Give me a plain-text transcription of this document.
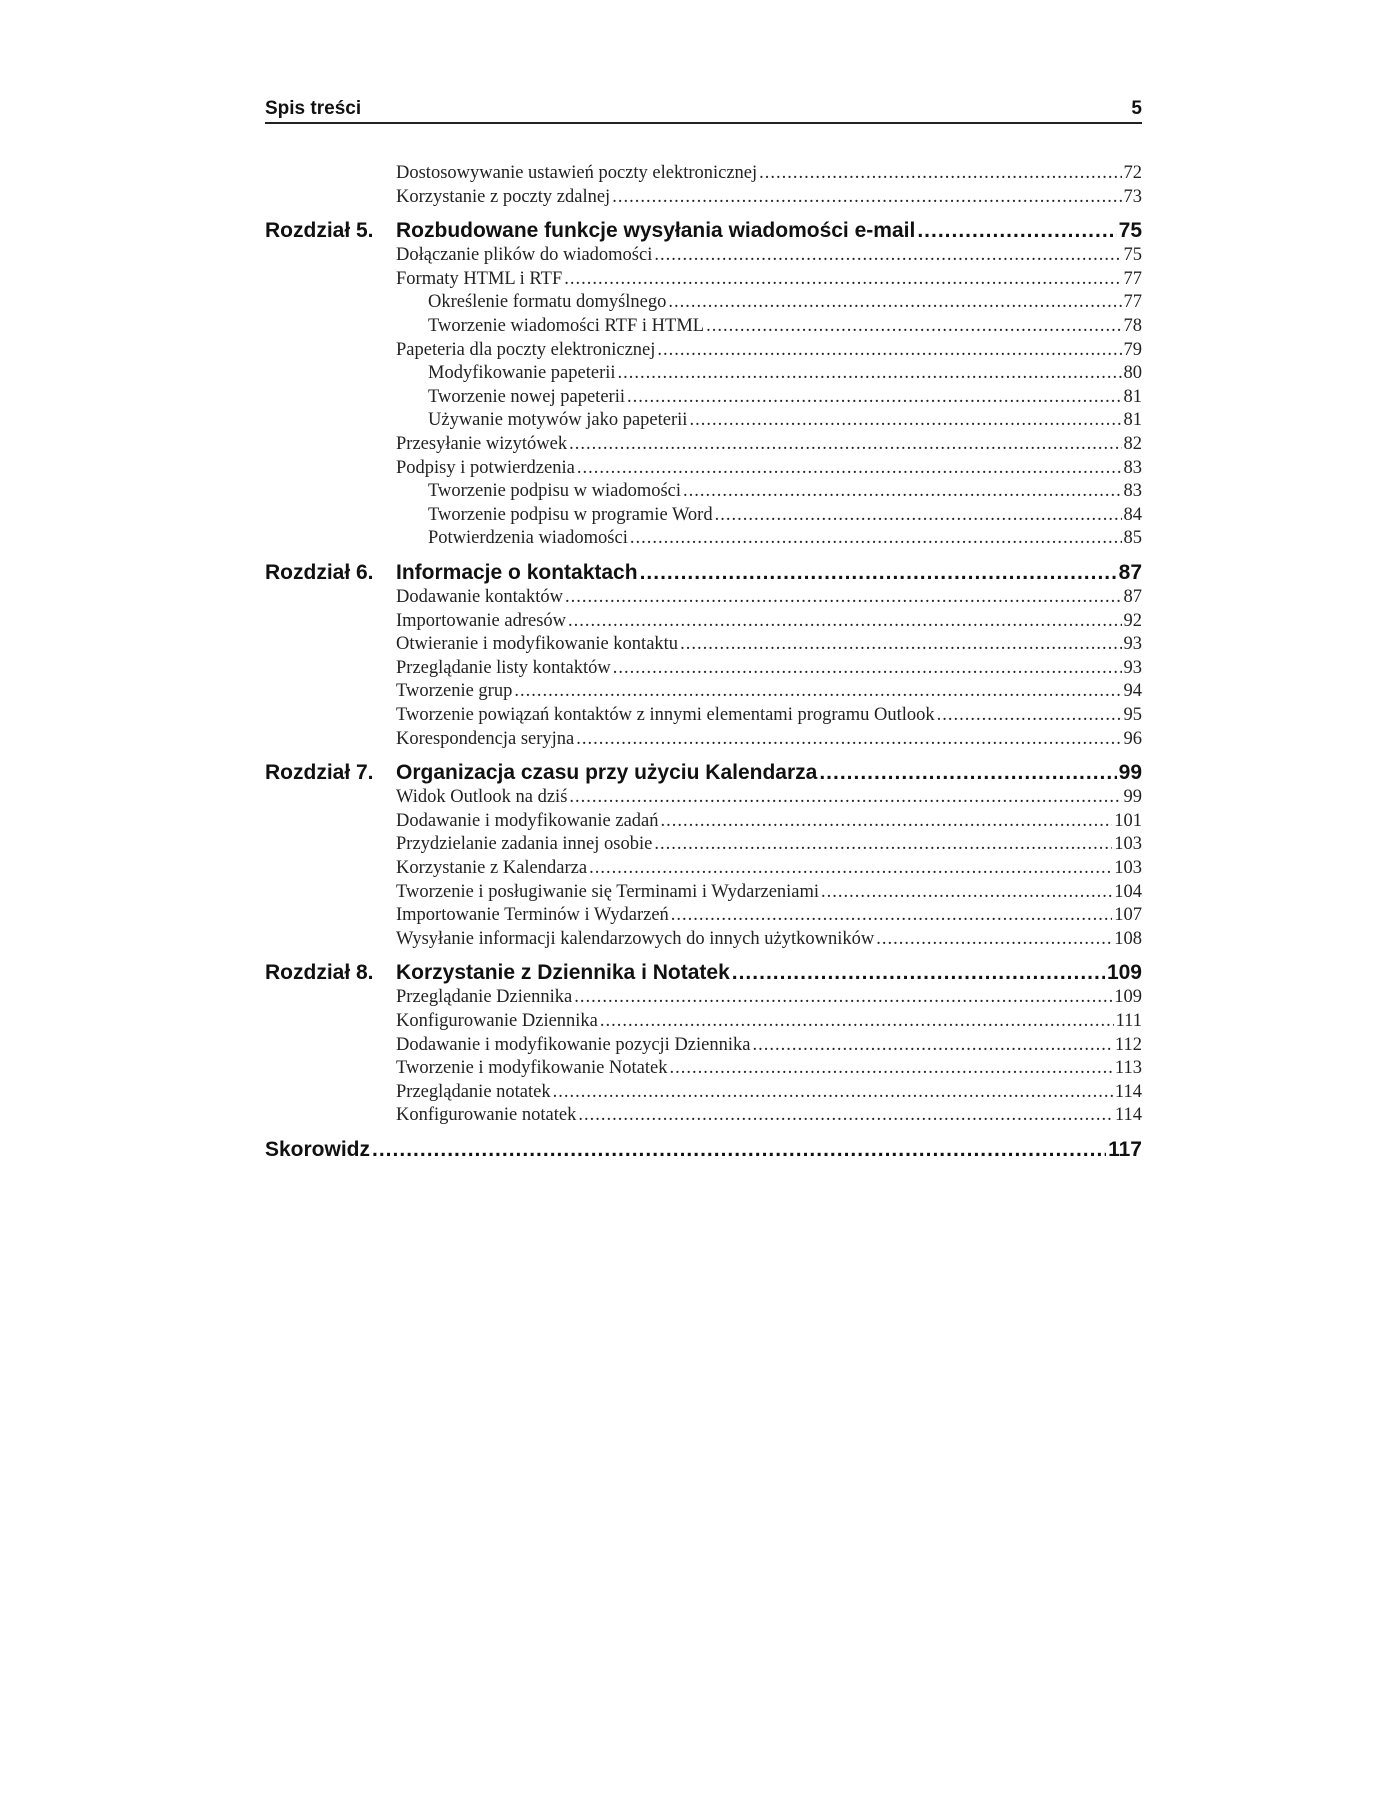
Spis treści	5
Dostosowywanie ustawień poczty elektronicznej .....	72
Korzystanie z poczty zdalnej .....	73
Rozdział 5.	Rozbudowane funkcje wysyłania wiadomości e-mail .....	75
Dołączanie plików do wiadomości .....	75
Formaty HTML i RTF .....	77
Określenie formatu domyślnego .....	77
Tworzenie wiadomości RTF i HTML .....	78
Papeteria dla poczty elektronicznej .....	79
Modyfikowanie papeterii .....	80
Tworzenie nowej papeterii .....	81
Używanie motywów jako papeterii .....	81
Przesyłanie wizytówek .....	82
Podpisy i potwierdzenia .....	83
Tworzenie podpisu w wiadomości .....	83
Tworzenie podpisu w programie Word .....	84
Potwierdzenia wiadomości .....	85
Rozdział 6.	Informacje o kontaktach .....	87
Dodawanie kontaktów .....	87
Importowanie adresów .....	92
Otwieranie i modyfikowanie kontaktu .....	93
Przeglądanie listy kontaktów .....	93
Tworzenie grup .....	94
Tworzenie powiązań kontaktów z innymi elementami programu Outlook .....	95
Korespondencja seryjna .....	96
Rozdział 7.	Organizacja czasu przy użyciu Kalendarza .....	99
Widok Outlook na dziś .....	99
Dodawanie i modyfikowanie zadań .....	101
Przydzielanie zadania innej osobie .....	103
Korzystanie z Kalendarza .....	103
Tworzenie i posługiwanie się Terminami i Wydarzeniami .....	104
Importowanie Terminów i Wydarzeń .....	107
Wysyłanie informacji kalendarzowych do innych użytkowników .....	108
Rozdział 8.	Korzystanie z Dziennika i Notatek .....	109
Przeglądanie Dziennika .....	109
Konfigurowanie Dziennika .....	111
Dodawanie i modyfikowanie pozycji Dziennika .....	112
Tworzenie i modyfikowanie Notatek .....	113
Przeglądanie notatek .....	114
Konfigurowanie notatek .....	114
Skorowidz .....	117
